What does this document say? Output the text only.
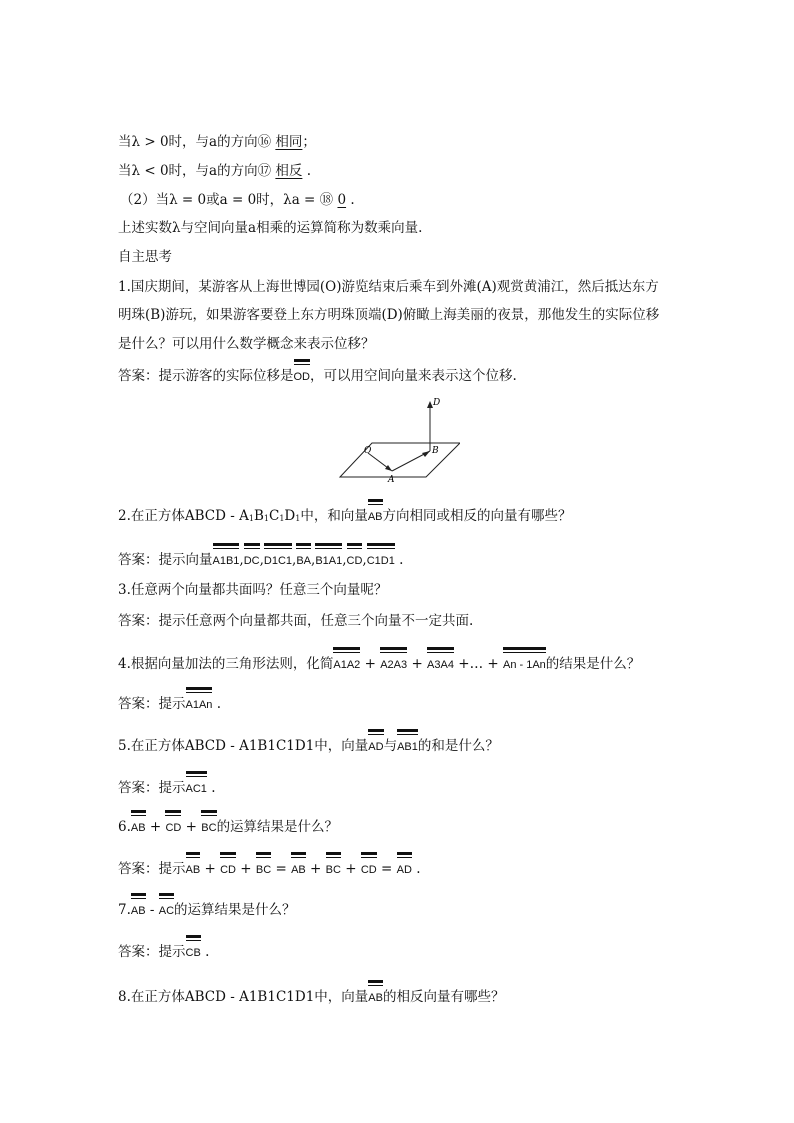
当λ > 0时，与a的方向⑯ 相同；
当λ < 0时，与a的方向⑰ 相反 .
（2）当λ = 0或a = 0时，λa = ⑱ 0 .
上述实数λ与空间向量a相乘的运算简称为数乘向量.
自主思考
1.国庆期间，某游客从上海世博园(O)游览结束后乘车到外滩(A)观赏黄浦江，然后抵达东方
明珠(B)游玩，如果游客要登上东方明珠顶端(D)俯瞰上海美丽的夜景，那他发生的实际位移
是什么？可以用什么数学概念来表示位移？
答案：提示游客的实际位移是OD，可以用空间向量来表示这个位移.
O
A
B
D
2.在正方体ABCD - A1B1C1D1中，和向量AB方向相同或相反的向量有哪些？
答案：提示向量A1B1,DC,D1C1,BA,B1A1,CD,C1D1 .
3.任意两个向量都共面吗？任意三个向量呢？
答案：提示任意两个向量都共面，任意三个向量不一定共面.
4.根据向量加法的三角形法则，化简A1A2 + A2A3 + A3A4 +… + An - 1An的结果是什么？
答案：提示A1An .
5.在正方体ABCD - A1B1C1D1中，向量AD与AB1的和是什么？
答案：提示AC1 .
6.AB + CD + BC的运算结果是什么？
答案：提示AB + CD + BC = AB + BC + CD = AD .
7.AB - AC的运算结果是什么？
答案：提示CB .
8.在正方体ABCD - A1B1C1D1中，向量AB的相反向量有哪些？
